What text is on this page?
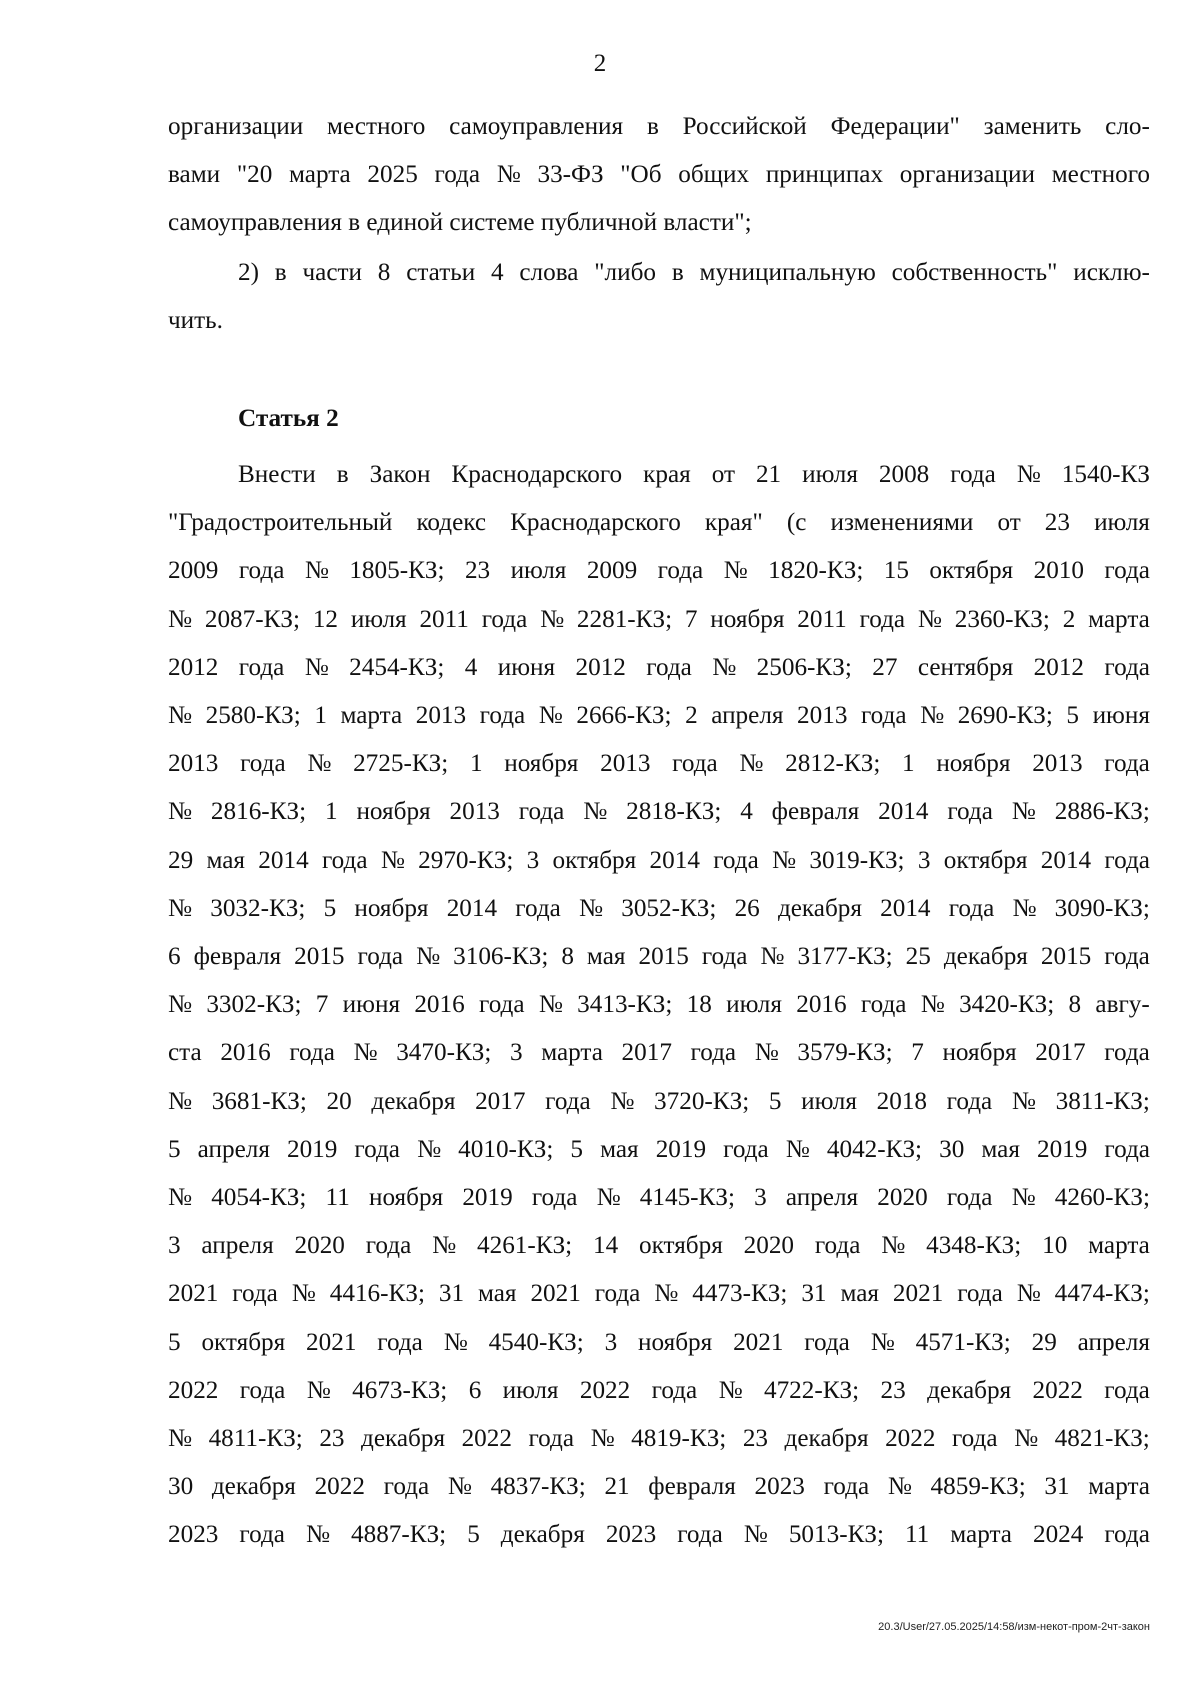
2
организации местного самоуправления в Российской Федерации" заменить сло-
вами "20 марта 2025 года № 33-ФЗ "Об общих принципах организации местного
самоуправления в единой системе публичной власти";
2) в части 8 статьи 4 слова "либо в муниципальную собственность" исклю-
чить.
Статья 2
Внести в Закон Краснодарского края от 21 июля 2008 года № 1540-КЗ
"Градостроительный кодекс Краснодарского края" (с изменениями от 23 июля
2009 года № 1805-КЗ; 23 июля 2009 года № 1820-КЗ; 15 октября 2010 года
№ 2087-КЗ; 12 июля 2011 года № 2281-КЗ; 7 ноября 2011 года № 2360-КЗ; 2 марта
2012 года № 2454-КЗ; 4 июня 2012 года № 2506-КЗ; 27 сентября 2012 года
№ 2580-КЗ; 1 марта 2013 года № 2666-КЗ; 2 апреля 2013 года № 2690-КЗ; 5 июня
2013 года № 2725-КЗ; 1 ноября 2013 года № 2812-КЗ; 1 ноября 2013 года
№ 2816-КЗ; 1 ноября 2013 года № 2818-КЗ; 4 февраля 2014 года № 2886-КЗ;
29 мая 2014 года № 2970-КЗ; 3 октября 2014 года № 3019-КЗ; 3 октября 2014 года
№ 3032-КЗ; 5 ноября 2014 года № 3052-КЗ; 26 декабря 2014 года № 3090-КЗ;
6 февраля 2015 года № 3106-КЗ; 8 мая 2015 года № 3177-КЗ; 25 декабря 2015 года
№ 3302-КЗ; 7 июня 2016 года № 3413-КЗ; 18 июля 2016 года № 3420-КЗ; 8 авгу-
ста 2016 года № 3470-КЗ; 3 марта 2017 года № 3579-КЗ; 7 ноября 2017 года
№ 3681-КЗ; 20 декабря 2017 года № 3720-КЗ; 5 июля 2018 года № 3811-КЗ;
5 апреля 2019 года № 4010-КЗ; 5 мая 2019 года № 4042-КЗ; 30 мая 2019 года
№ 4054-КЗ; 11 ноября 2019 года № 4145-КЗ; 3 апреля 2020 года № 4260-КЗ;
3 апреля 2020 года № 4261-КЗ; 14 октября 2020 года № 4348-КЗ; 10 марта
2021 года № 4416-КЗ; 31 мая 2021 года № 4473-КЗ; 31 мая 2021 года № 4474-КЗ;
5 октября 2021 года № 4540-КЗ; 3 ноября 2021 года № 4571-КЗ; 29 апреля
2022 года № 4673-КЗ; 6 июля 2022 года № 4722-КЗ; 23 декабря 2022 года
№ 4811-КЗ; 23 декабря 2022 года № 4819-КЗ; 23 декабря 2022 года № 4821-КЗ;
30 декабря 2022 года № 4837-КЗ; 21 февраля 2023 года № 4859-КЗ; 31 марта
2023 года № 4887-КЗ; 5 декабря 2023 года № 5013-КЗ; 11 марта 2024 года
20.3/User/27.05.2025/14:58/изм-некот-пром-2чт-закон
